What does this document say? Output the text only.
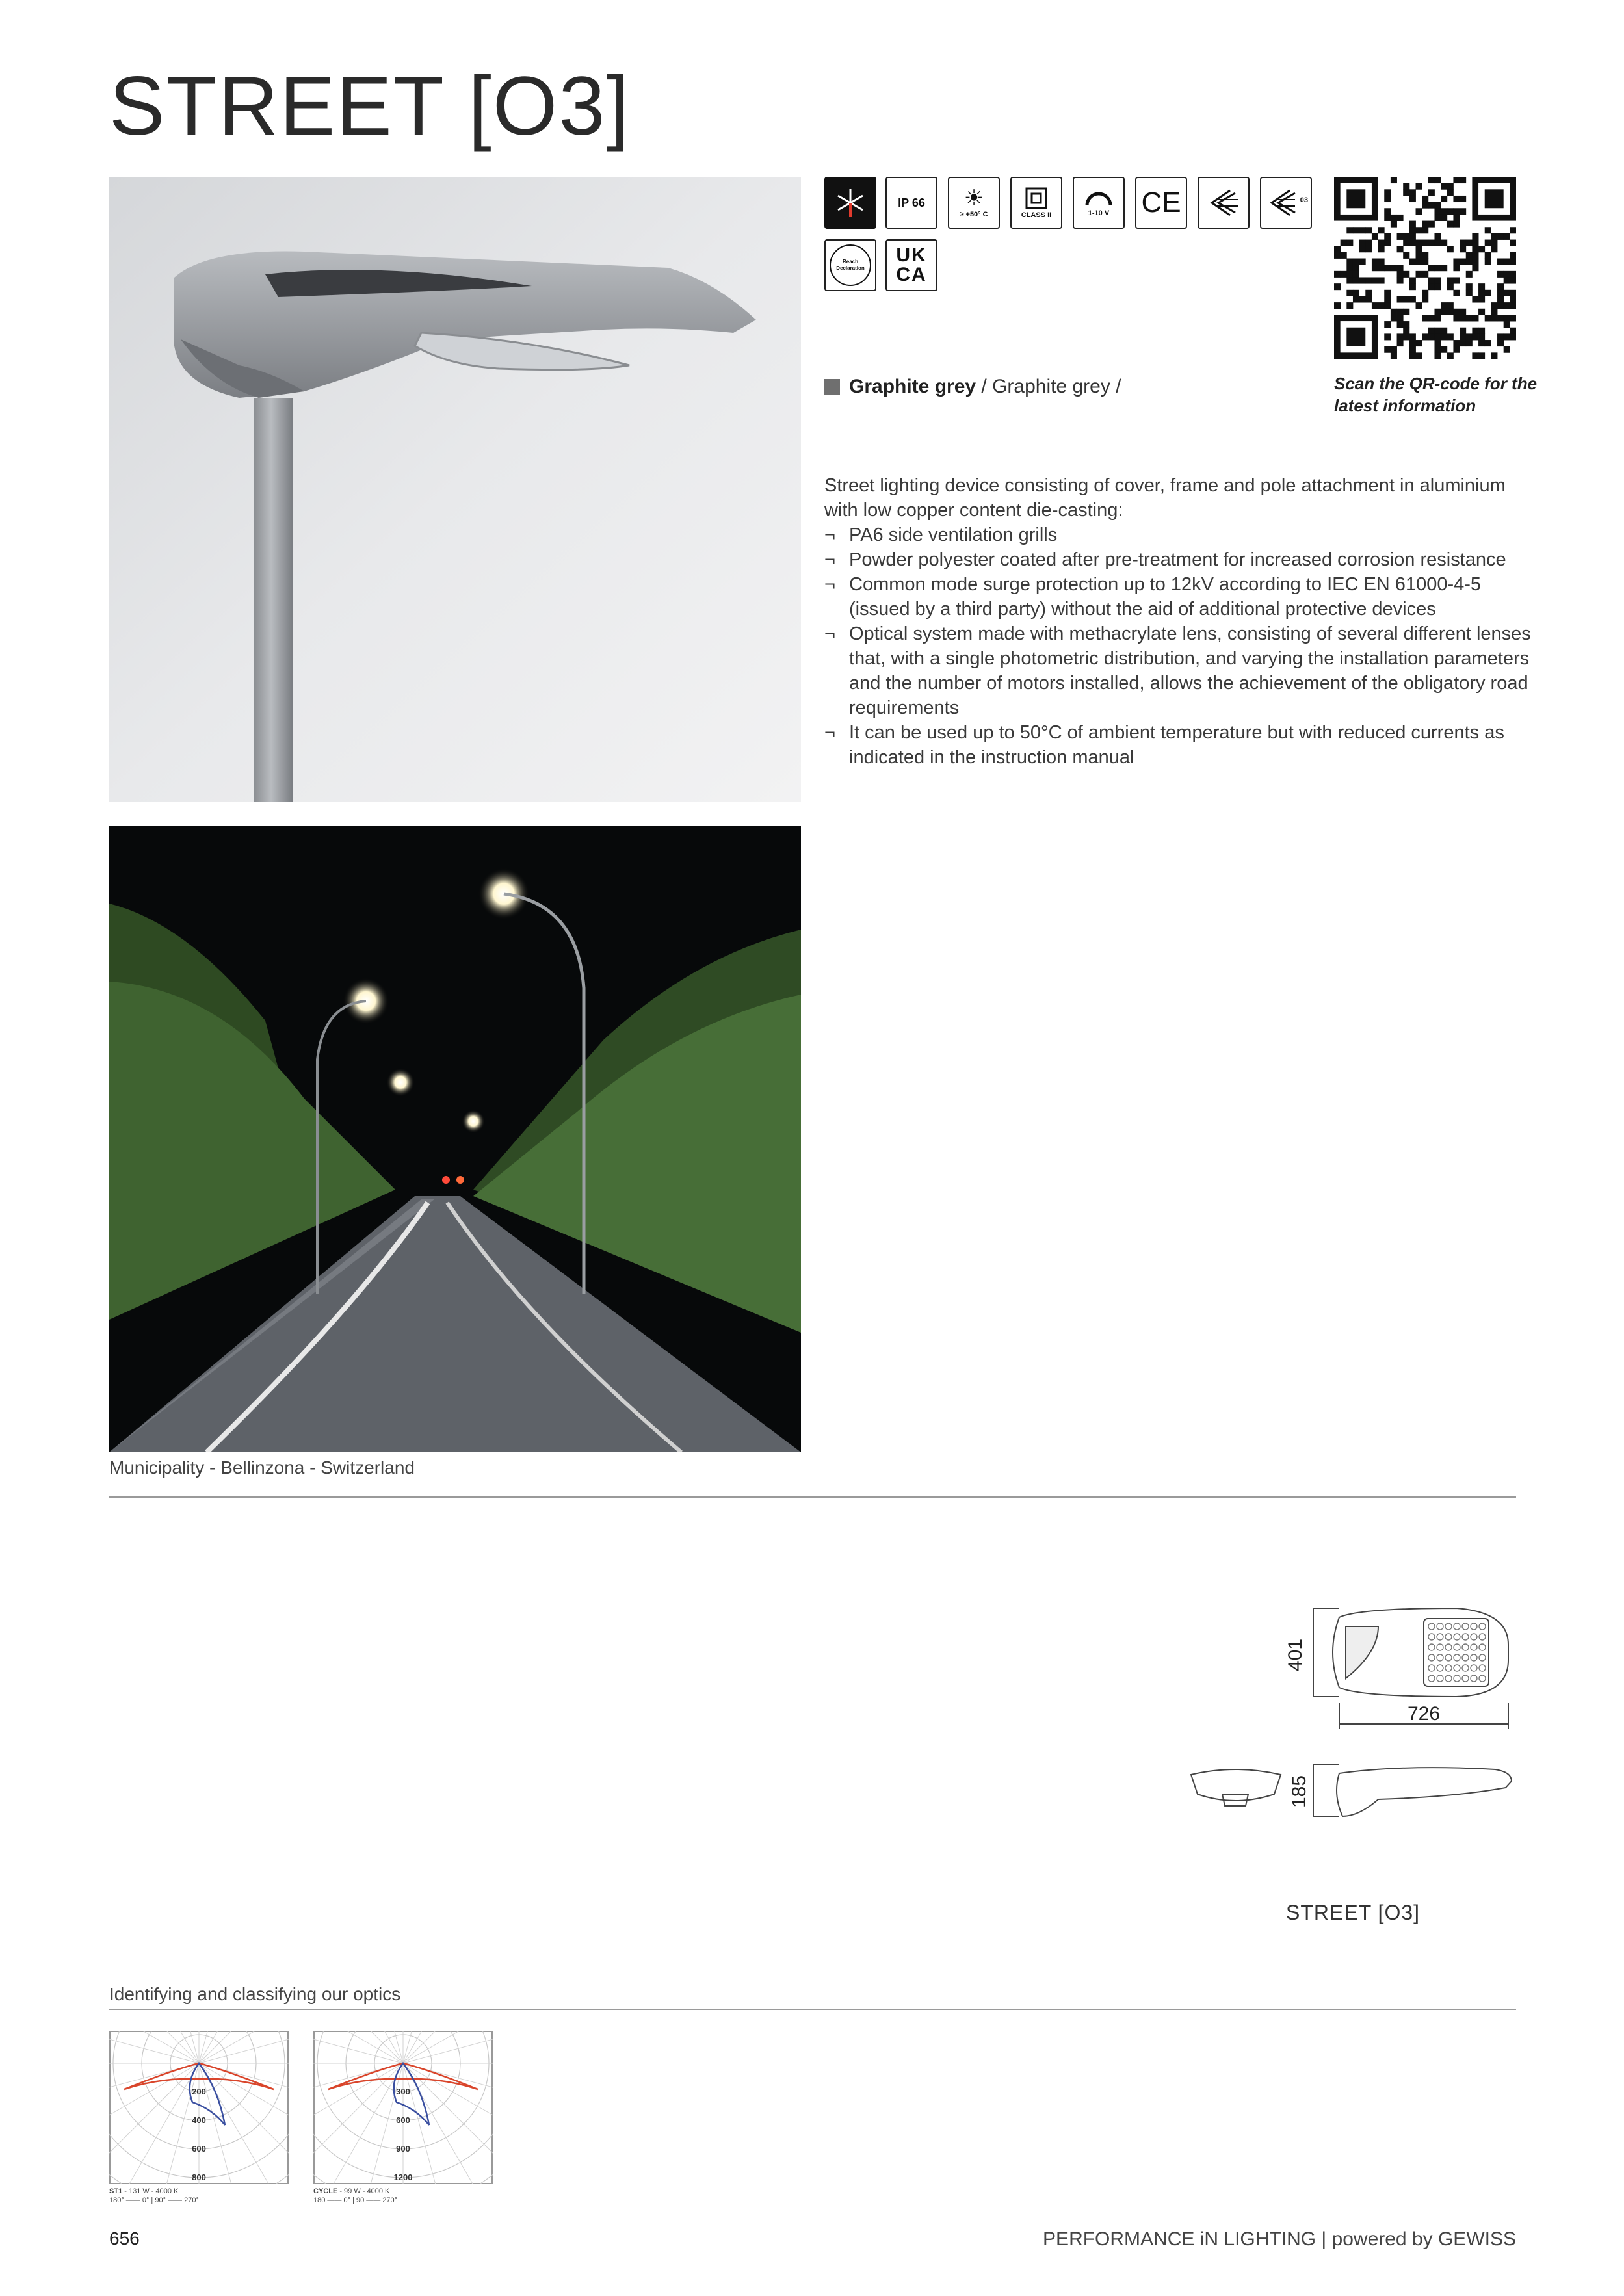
STREET [O3]
Municipality - Bellinzona - Switzerland
IP 66	☀
≥ +50° C	CLASS II	1-10 V CE	03
Reach Declaration
UK CA
Scan the QR-code for the latest information
Graphite grey / Graphite grey /
Street lighting device consisting of cover, frame and pole attachment in aluminium with low copper content die-casting:
¬ PA6 side ventilation grills
¬ Powder polyester coated after pre-treatment for increased corrosion resistance
¬ Common mode surge protection up to 12kV according to IEC EN 61000-4-5 (issued by a third party) without the aid of additional protective devices
¬ Optical system made with methacrylate lens, consisting of several different lenses that, with a single photometric distribution, and varying the installation parameters and the number of motors installed, allows the achievement of the obligatory road requirements
¬ It can be used up to 50°C of ambient temperature but with reduced currents as indicated in the instruction manual
401
726
185
STREET [O3]
Identifying and classifying our optics
200
400
600
800
ST1 - 131 W - 4000 K
180° —— 0° | 90° —— 270°
300
600
900
1200
CYCLE - 99 W - 4000 K
180 —— 0° | 90 —— 270°
656	PERFORMANCE iN LIGHTING | powered by GEWISS
